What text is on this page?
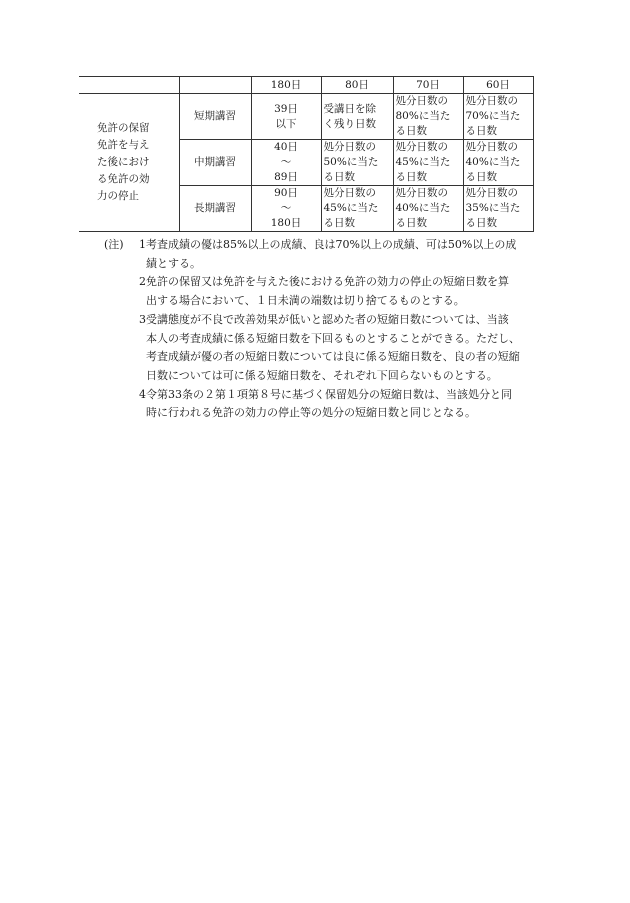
		180日	80日	70日	60日

免許の保留
免許を与え
た後におけ
る免許の効
力の停止	短期講習	39日
以下	受講日を除
く残り日数	処分日数の
80%に当た
る日数	処分日数の
70%に当た
る日数

	中期講習	40日
～
89日	処分日数の
50%に当た
る日数	処分日数の
45%に当た
る日数	処分日数の
40%に当た
る日数

	長期講習	90日
～
180日	処分日数の
45%に当た
る日数	処分日数の
40%に当た
る日数	処分日数の
35%に当た
る日数
(注) 1 考査成績の優は85%以上の成績、良は70%以上の成績、可は50%以上の成
績とする。
2 免許の保留又は免許を与えた後における免許の効力の停止の短縮日数を算
出する場合において、１日未満の端数は切り捨てるものとする。
3 受講態度が不良で改善効果が低いと認めた者の短縮日数については、当該
本人の考査成績に係る短縮日数を下回るものとすることができる。ただし、
考査成績が優の者の短縮日数については良に係る短縮日数を、良の者の短縮
日数については可に係る短縮日数を、それぞれ下回らないものとする。
4 令第33条の２第１項第８号に基づく保留処分の短縮日数は、当該処分と同
時に行われる免許の効力の停止等の処分の短縮日数と同じとなる。
